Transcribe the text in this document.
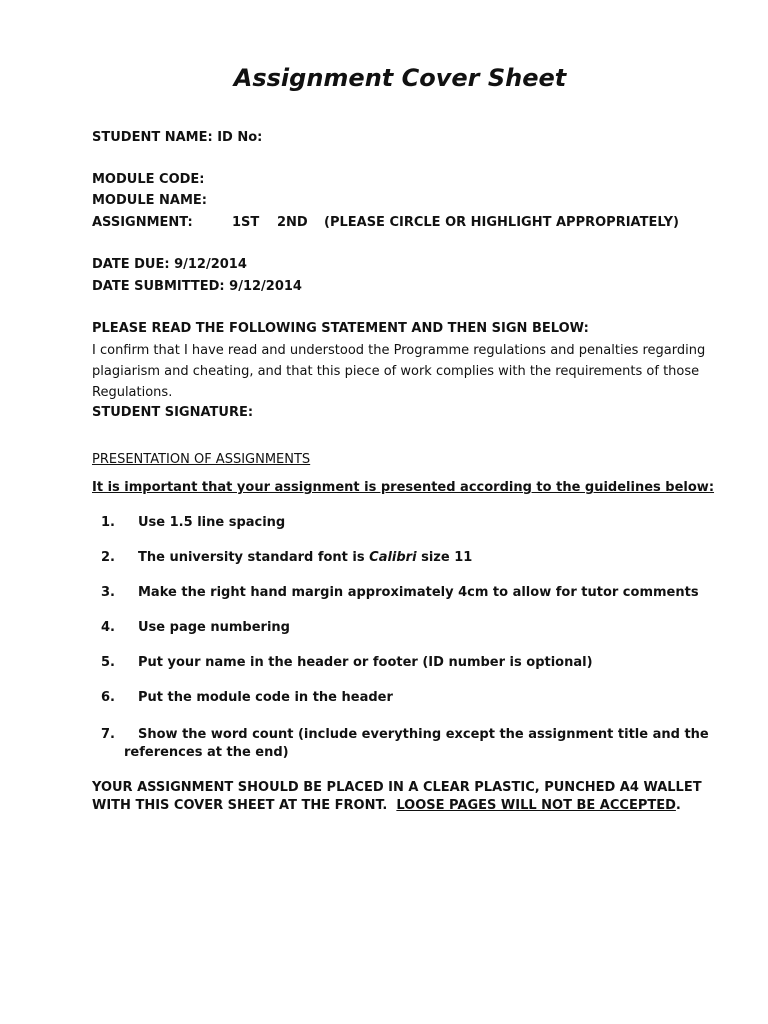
Assignment Cover Sheet
STUDENT NAME: ID No:
MODULE CODE:
MODULE NAME:
ASSIGNMENT:	1ST 2ND (PLEASE CIRCLE OR HIGHLIGHT APPROPRIATELY)
DATE DUE: 9/12/2014
DATE SUBMITTED: 9/12/2014
PLEASE READ THE FOLLOWING STATEMENT AND THEN SIGN BELOW:
I confirm that I have read and understood the Programme regulations and penalties regarding
plagiarism and cheating, and that this piece of work complies with the requirements of those
Regulations.
STUDENT SIGNATURE:
PRESENTATION OF ASSIGNMENTS
It is important that your assignment is presented according to the guidelines below:
1. Use 1.5 line spacing
2. The university standard font is Calibri size 11
3. Make the right hand margin approximately 4cm to allow for tutor comments
4. Use page numbering
5. Put your name in the header or footer (ID number is optional)
6. Put the module code in the header
7. Show the word count (include everything except the assignment title and the
references at the end)
YOUR ASSIGNMENT SHOULD BE PLACED IN A CLEAR PLASTIC, PUNCHED A4 WALLET
WITH THIS COVER SHEET AT THE FRONT. LOOSE PAGES WILL NOT BE ACCEPTED.
